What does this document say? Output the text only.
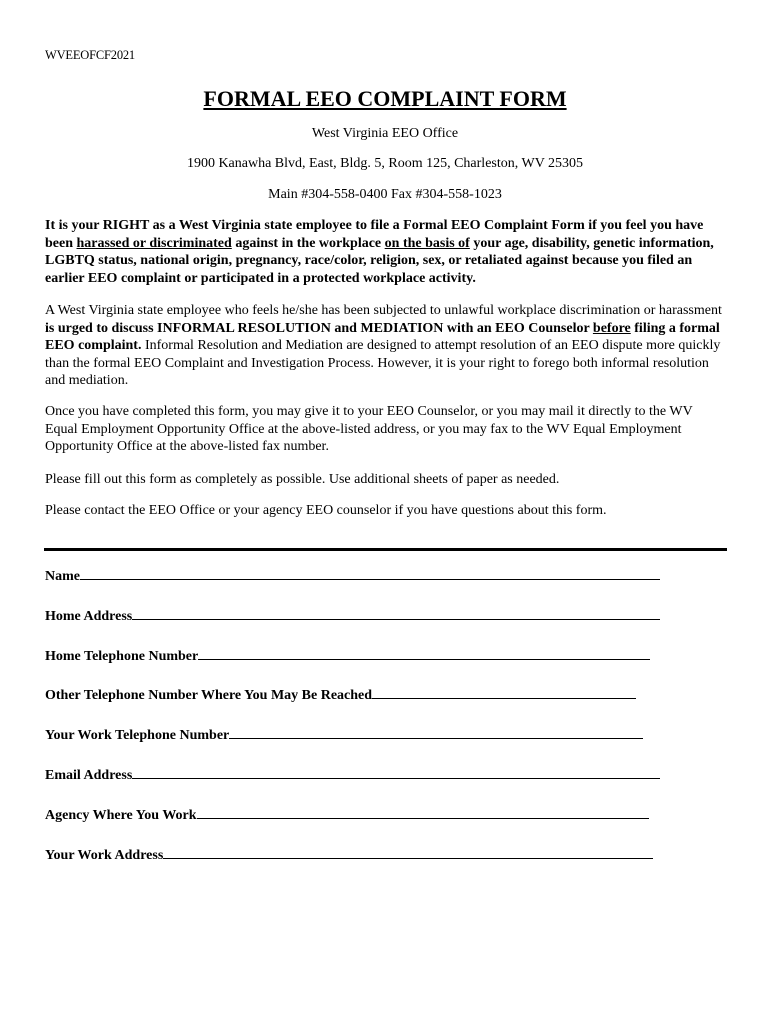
WVEEOFCF2021
FORMAL EEO COMPLAINT FORM
West Virginia EEO Office
1900 Kanawha Blvd, East, Bldg. 5, Room 125, Charleston, WV 25305
Main #304-558-0400 Fax #304-558-1023
It is your RIGHT as a West Virginia state employee to file a Formal EEO Complaint Form if you feel you have been harassed or discriminated against in the workplace on the basis of your age, disability, genetic information, LGBTQ status, national origin, pregnancy, race/color, religion, sex, or retaliated against because you filed an earlier EEO complaint or participated in a protected workplace activity.
A West Virginia state employee who feels he/she has been subjected to unlawful workplace discrimination or harassment is urged to discuss INFORMAL RESOLUTION and MEDIATION with an EEO Counselor before filing a formal EEO complaint. Informal Resolution and Mediation are designed to attempt resolution of an EEO dispute more quickly than the formal EEO Complaint and Investigation Process. However, it is your right to forego both informal resolution and mediation.
Once you have completed this form, you may give it to your EEO Counselor, or you may mail it directly to the WV Equal Employment Opportunity Office at the above-listed address, or you may fax to the WV Equal Employment Opportunity Office at the above-listed fax number.
Please fill out this form as completely as possible. Use additional sheets of paper as needed.
Please contact the EEO Office or your agency EEO counselor if you have questions about this form.
Name
Home Address
Home Telephone Number
Other Telephone Number Where You May Be Reached
Your Work Telephone Number
Email Address
Agency Where You Work
Your Work Address
